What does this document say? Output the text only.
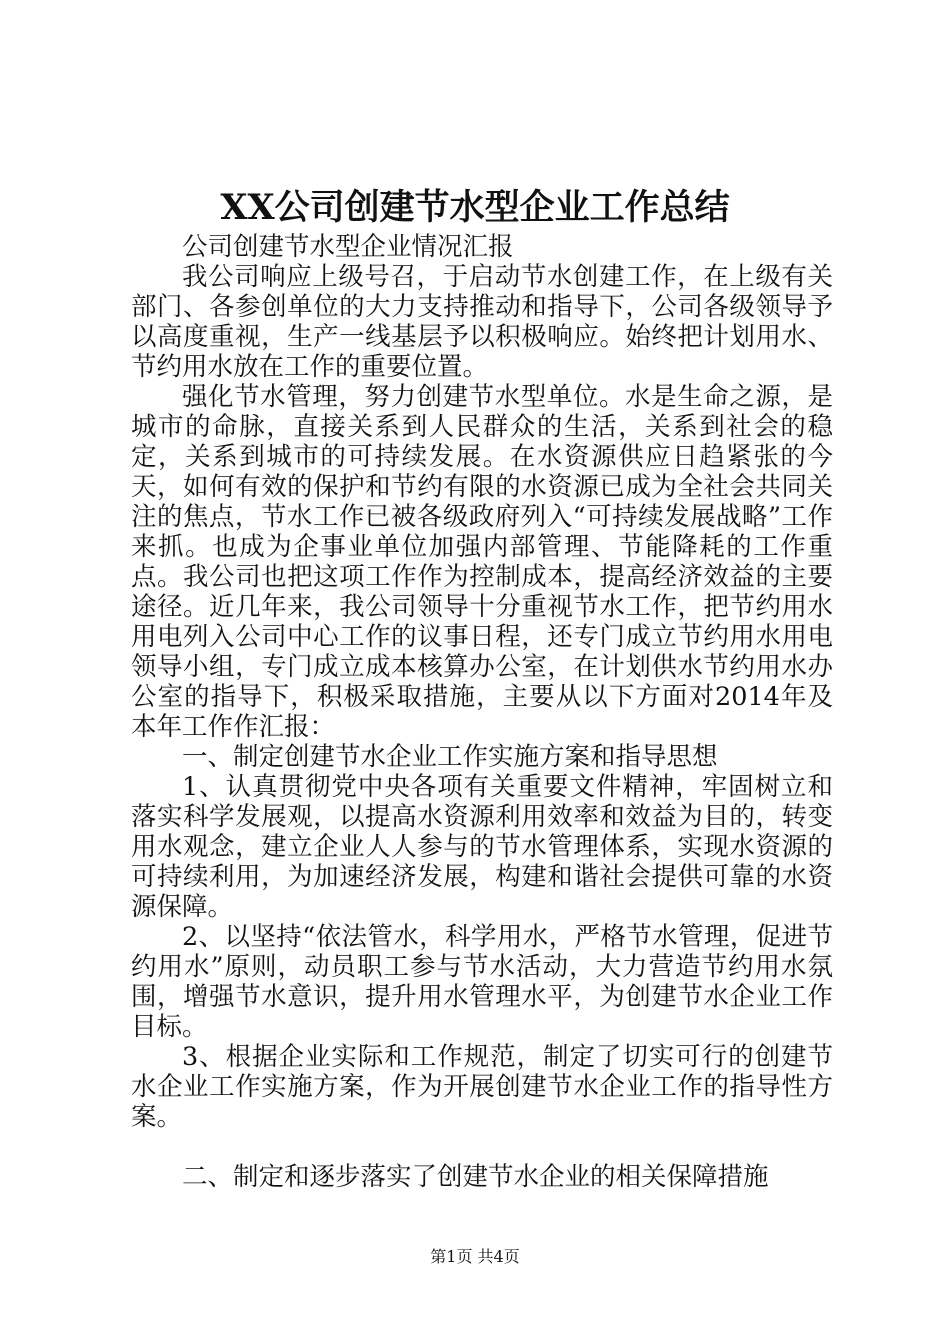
XX公司创建节水型企业工作总结

公司创建节水型企业情况汇报

我公司响应上级号召，于启动节水创建工作，在上级有关部门、各参创单位的大力支持推动和指导下，公司各级领导予以高度重视，生产一线基层予以积极响应。始终把计划用水、节约用水放在工作的重要位置。

强化节水管理，努力创建节水型单位。水是生命之源，是城市的命脉，直接关系到人民群众的生活，关系到社会的稳定，关系到城市的可持续发展。在水资源供应日趋紧张的今天，如何有效的保护和节约有限的水资源已成为全社会共同关注的焦点，节水工作已被各级政府列入“可持续发展战略”工作来抓。也成为企事业单位加强内部管理、节能降耗的工作重点。我公司也把这项工作作为控制成本，提高经济效益的主要途径。近几年来，我公司领导十分重视节水工作，把节约用水用电列入公司中心工作的议事日程，还专门成立节约用水用电领导小组，专门成立成本核算办公室，在计划供水节约用水办公室的指导下，积极采取措施，主要从以下方面对2014年及本年工作作汇报：

一、制定创建节水企业工作实施方案和指导思想

1、认真贯彻党中央各项有关重要文件精神，牢固树立和落实科学发展观，以提高水资源利用效率和效益为目的，转变用水观念，建立企业人人参与的节水管理体系，实现水资源的可持续利用，为加速经济发展，构建和谐社会提供可靠的水资源保障。

2、以坚持“依法管水，科学用水，严格节水管理，促进节约用水”原则，动员职工参与节水活动，大力营造节约用水氛围，增强节水意识，提升用水管理水平，为创建节水企业工作目标。

3、根据企业实际和工作规范，制定了切实可行的创建节水企业工作实施方案，作为开展创建节水企业工作的指导性方案。

二、制定和逐步落实了创建节水企业的相关保障措施

第1页 共4页
